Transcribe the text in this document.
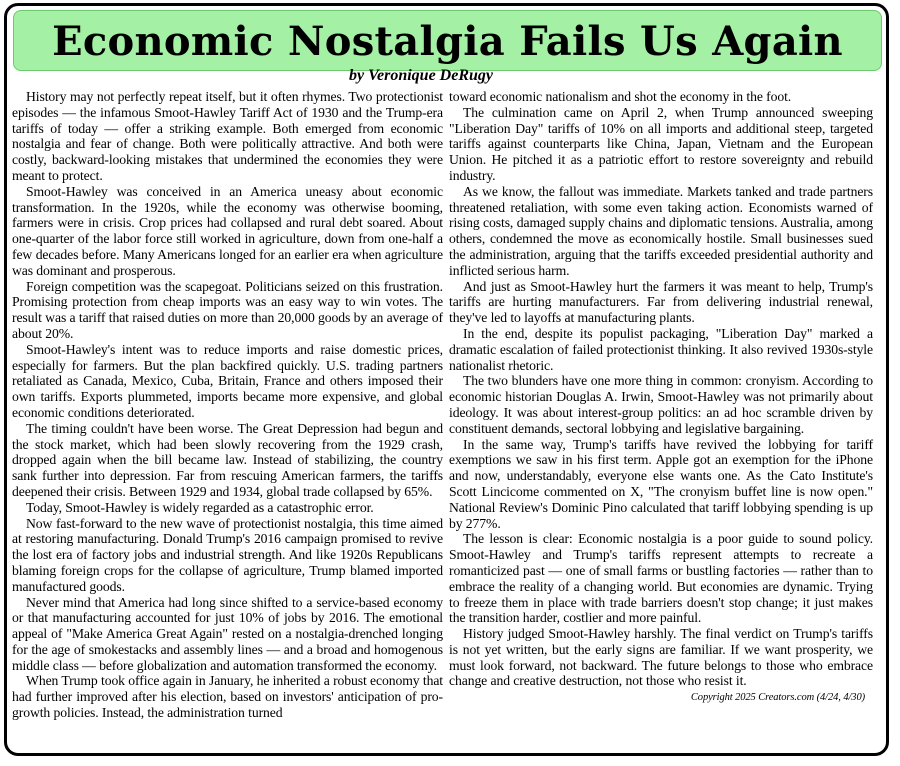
Economic Nostalgia Fails Us Again

by Veronique DeRugy

History may not perfectly repeat itself, but it often rhymes. Two protectionist episodes — the infamous Smoot-Hawley Tariff Act of 1930 and the Trump-era tariffs of today — offer a striking example. Both emerged from economic nostalgia and fear of change. Both were politically attractive. And both were costly, backward-looking mistakes that undermined the economies they were meant to protect.

Smoot-Hawley was conceived in an America uneasy about economic transformation. In the 1920s, while the economy was otherwise booming, farmers were in crisis. Crop prices had collapsed and rural debt soared. About one-quarter of the labor force still worked in agriculture, down from one-half a few decades before. Many Americans longed for an earlier era when agriculture was dominant and prosperous.

Foreign competition was the scapegoat. Politicians seized on this frustration. Promising protection from cheap imports was an easy way to win votes. The result was a tariff that raised duties on more than 20,000 goods by an average of about 20%.

Smoot-Hawley's intent was to reduce imports and raise domestic prices, especially for farmers. But the plan backfired quickly. U.S. trading partners retaliated as Canada, Mexico, Cuba, Britain, France and others imposed their own tariffs. Exports plummeted, imports became more expensive, and global economic conditions deteriorated.

The timing couldn't have been worse. The Great Depression had begun and the stock market, which had been slowly recovering from the 1929 crash, dropped again when the bill became law. Instead of stabilizing, the country sank further into depression. Far from rescuing American farmers, the tariffs deepened their crisis. Between 1929 and 1934, global trade collapsed by 65%.

Today, Smoot-Hawley is widely regarded as a catastrophic error.

Now fast-forward to the new wave of protectionist nostalgia, this time aimed at restoring manufacturing. Donald Trump's 2016 campaign promised to revive the lost era of factory jobs and industrial strength. And like 1920s Republicans blaming foreign crops for the collapse of agriculture, Trump blamed imported manufactured goods.

Never mind that America had long since shifted to a service-based economy or that manufacturing accounted for just 10% of jobs by 2016. The emotional appeal of "Make America Great Again" rested on a nostalgia-drenched longing for the age of smokestacks and assembly lines — and a broad and homogenous middle class — before globalization and automation transformed the economy.

When Trump took office again in January, he inherited a robust economy that had further improved after his election, based on investors' anticipation of pro-growth policies. Instead, the administration turned

toward economic nationalism and shot the economy in the foot.

The culmination came on April 2, when Trump announced sweeping "Liberation Day" tariffs of 10% on all imports and additional steep, targeted tariffs against counterparts like China, Japan, Vietnam and the European Union. He pitched it as a patriotic effort to restore sovereignty and rebuild industry.

As we know, the fallout was immediate. Markets tanked and trade partners threatened retaliation, with some even taking action. Economists warned of rising costs, damaged supply chains and diplomatic tensions. Australia, among others, condemned the move as economically hostile. Small businesses sued the administration, arguing that the tariffs exceeded presidential authority and inflicted serious harm.

And just as Smoot-Hawley hurt the farmers it was meant to help, Trump's tariffs are hurting manufacturers. Far from delivering industrial renewal, they've led to layoffs at manufacturing plants.

In the end, despite its populist packaging, "Liberation Day" marked a dramatic escalation of failed protectionist thinking. It also revived 1930s-style nationalist rhetoric.

The two blunders have one more thing in common: cronyism. According to economic historian Douglas A. Irwin, Smoot-Hawley was not primarily about ideology. It was about interest-group politics: an ad hoc scramble driven by constituent demands, sectoral lobbying and legislative bargaining.

In the same way, Trump's tariffs have revived the lobbying for tariff exemptions we saw in his first term. Apple got an exemption for the iPhone and now, understandably, everyone else wants one. As the Cato Institute's Scott Lincicome commented on X, "The cronyism buffet line is now open." National Review's Dominic Pino calculated that tariff lobbying spending is up by 277%.

The lesson is clear: Economic nostalgia is a poor guide to sound policy. Smoot-Hawley and Trump's tariffs represent attempts to recreate a romanticized past — one of small farms or bustling factories — rather than to embrace the reality of a changing world. But economies are dynamic. Trying to freeze them in place with trade barriers doesn't stop change; it just makes the transition harder, costlier and more painful.

History judged Smoot-Hawley harshly. The final verdict on Trump's tariffs is not yet written, but the early signs are familiar. If we want prosperity, we must look forward, not backward. The future belongs to those who embrace change and creative destruction, not those who resist it.

Copyright 2025 Creators.com (4/24, 4/30)
